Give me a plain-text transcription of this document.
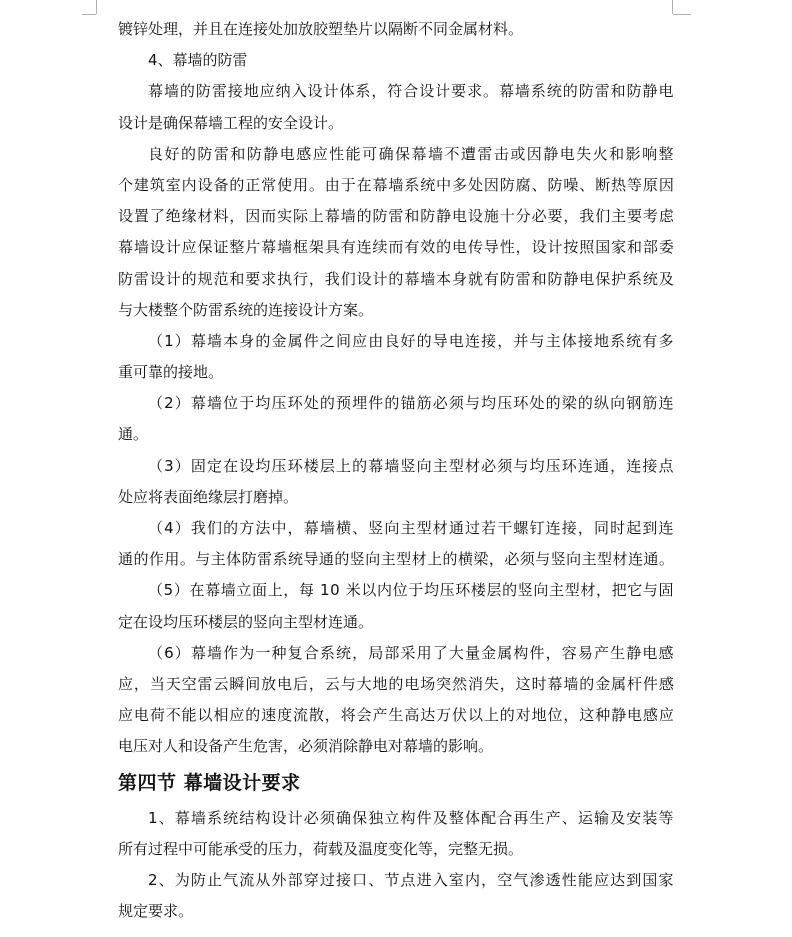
镀锌处理，并且在连接处加放胶塑垫片以隔断不同金属材料。
4、幕墙的防雷
幕 墙 的 防 雷 接 地 应 纳 入 设 计 体 系 ， 符 合 设 计 要 求 。 幕 墙 系 统 的 防 雷 和 防 静 电
设计是确保幕墙工程的安全设计。
良 好 的 防 雷 和 防 静 电 感 应 性 能 可 确 保 幕 墙 不 遭 雷 击 或 因 静 电 失 火 和 影 响 整
个 建 筑 室 内 设 备 的 正 常 使 用 。 由 于 在 幕 墙 系 统 中 多 处 因 防 腐 、 防 噪 、 断 热 等 原 因
设 置 了 绝 缘 材 料 ， 因 而 实 际 上 幕 墙 的 防 雷 和 防 静 电 设 施 十 分 必 要 ， 我 们 主 要 考 虑
幕 墙 设 计 应 保 证 整 片 幕 墙 框 架 具 有 连 续 而 有 效 的 电 传 导 性 ， 设 计 按 照 国 家 和 部 委
防 雷 设 计 的 规 范 和 要 求 执 行 ， 我 们 设 计 的 幕 墙 本 身 就 有 防 雷 和 防 静 电 保 护 系 统 及
与大楼整个防雷系统的连接设计方案。
（ 1 ） 幕 墙 本 身 的 金 属 件 之 间 应 由 良 好 的 导 电 连 接 ， 并 与 主 体 接 地 系 统 有 多
重可靠的接地。
（ 2 ） 幕 墙 位 于 均 压 环 处 的 预 埋 件 的 锚 筋 必 须 与 均 压 环 处 的 梁 的 纵 向 钢 筋 连
通。
（ 3 ） 固 定 在 设 均 压 环 楼 层 上 的 幕 墙 竖 向 主 型 材 必 须 与 均 压 环 连 通 ， 连 接 点
处应将表面绝缘层打磨掉。
（ 4 ） 我 们 的 方 法 中 ， 幕 墙 横 、 竖 向 主 型 材 通 过 若 干 螺 钉 连 接 ， 同 时 起 到 连
通 的 作 用 。 与 主 体 防 雷 系 统 导 通 的 竖 向 主 型 材 上 的 横 梁 ， 必 须 与 竖 向 主 型 材 连 通 。
（ 5 ） 在 幕 墙 立 面 上 ， 每
1 0
米 以 内 位 于 均 压 环 楼 层 的 竖 向 主 型 材 ， 把 它 与 固
定在设均压环楼层的竖向主型材连通。
（ 6 ） 幕 墙 作 为 一 种 复 合 系 统 ， 局 部 采 用 了 大 量 金 属 构 件 ， 容 易 产 生 静 电 感
应 ， 当 天 空 雷 云 瞬 间 放 电 后 ， 云 与 大 地 的 电 场 突 然 消 失 ， 这 时 幕 墙 的 金 属 杆 件 感
应 电 荷 不 能 以 相 应 的 速 度 流 散 ， 将 会 产 生 高 达 万 伏 以 上 的 对 地 位 ， 这 种 静 电 感 应
电压对人和设备产生危害，必须消除静电对幕墙的影响。
第四节 幕墙设计要求
1 、 幕 墙 系 统 结 构 设 计 必 须 确 保 独 立 构 件 及 整 体 配 合 再 生 产 、 运 输 及 安 装 等
所有过程中可能承受的压力，荷载及温度变化等，完整无损。
2 、 为 防 止 气 流 从 外 部 穿 过 接 口 、 节 点 进 入 室 内 ， 空 气 渗 透 性 能 应 达 到 国 家
规定要求。
